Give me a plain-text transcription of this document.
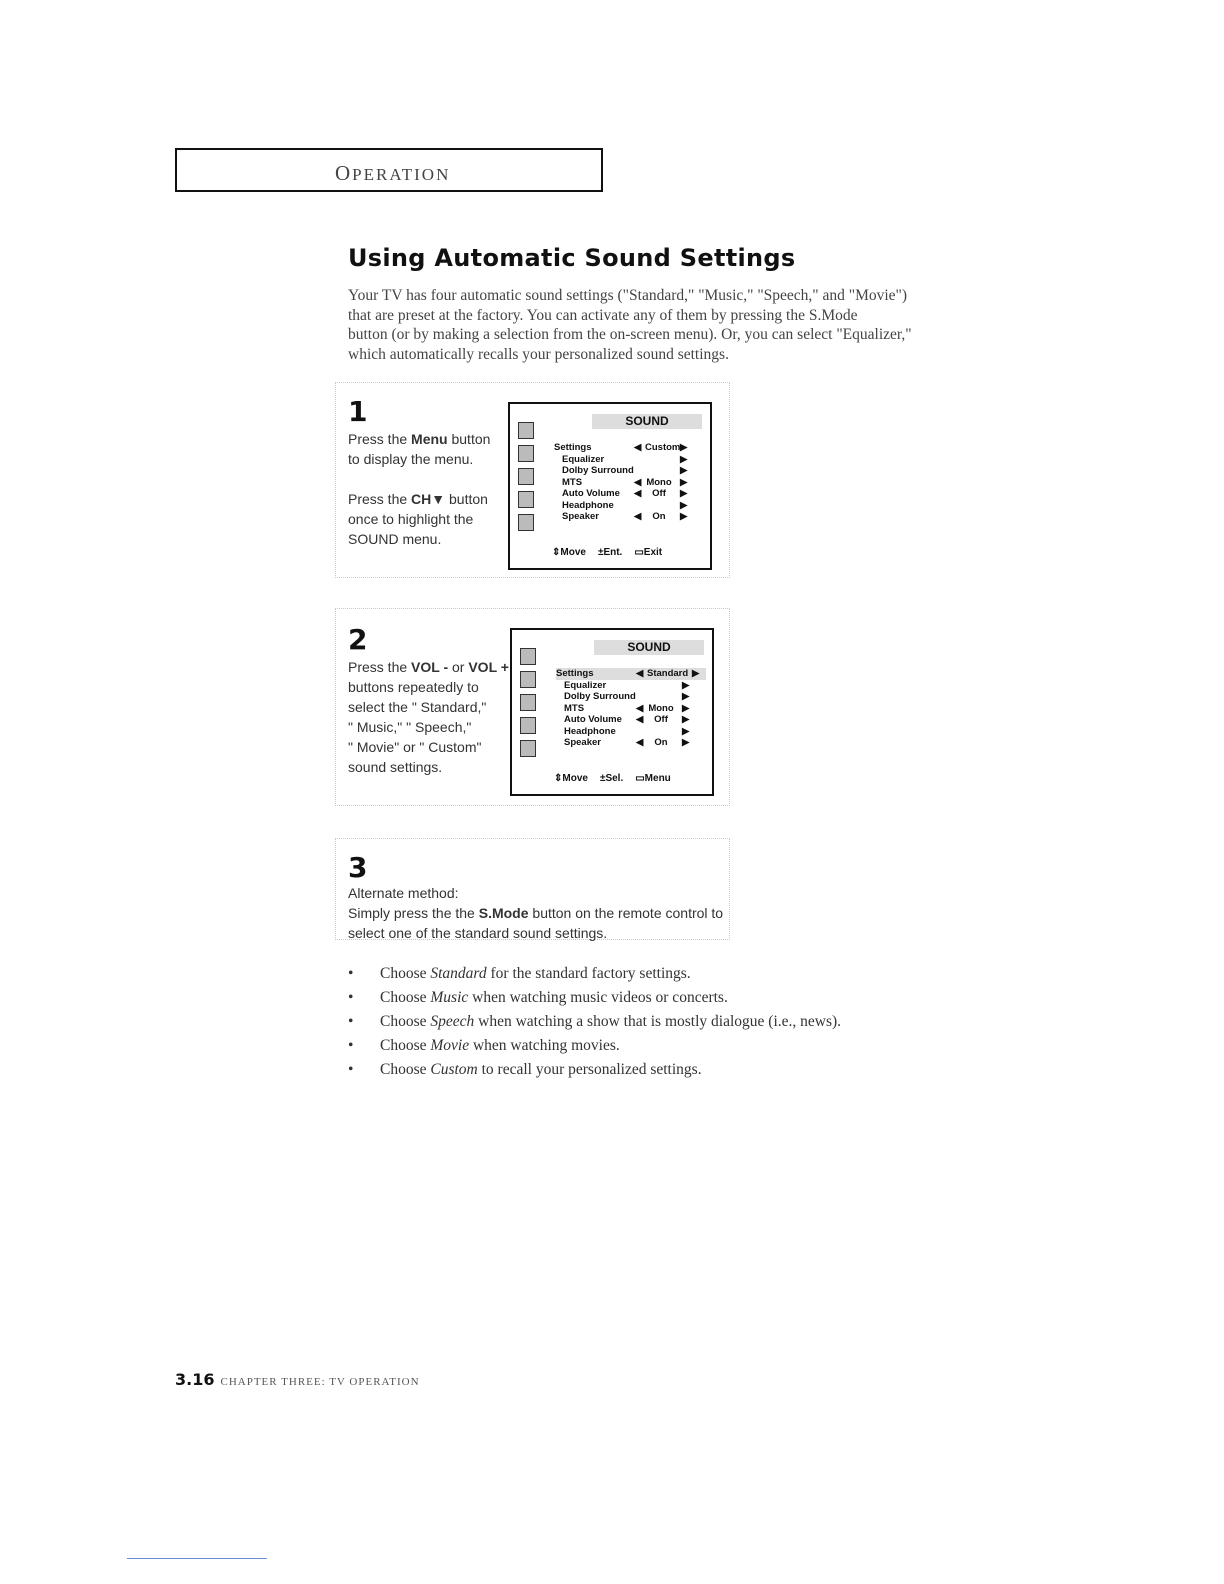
OPERATION
Using Automatic Sound Settings

Your TV has four automatic sound settings ("Standard," "Music," "Speech," and "Movie")

that are preset at the factory. You can activate any of them by pressing the S.Mode

button (or by making a selection from the on-screen menu). Or, you can select "Equalizer,"

which automatically recalls your personalized sound settings.

1

Press the Menu button

to display the menu.

Press the CH▼ button

once to highlight the

SOUND menu.

SOUND
Settings	◀ Custom ▶
Equalizer	▶
Dolby Surround	▶
MTS	◀ Mono ▶
Auto Volume ◀	Off	▶
Headphone	▶
Speaker	◀	On	▶
⇕Move ±Ent. ▭Exit
2

Press the VOL - or VOL +

buttons repeatedly to

select the " Standard,"

" Music," " Speech,"

" Movie" or " Custom"

sound settings.

SOUND
Settings	◀ Standard ▶
Equalizer	▶
Dolby Surround	▶
MTS	◀ Mono ▶
Auto Volume ◀	Off	▶
Headphone	▶
Speaker	◀	On	▶
⇕Move ±Sel. ▭Menu
3

Alternate method:

Simply press the the S.Mode button on the remote control to

select one of the standard sound settings.

• Choose Standard for the standard factory settings.
• Choose Music when watching music videos or concerts.
• Choose Speech when watching a show that is mostly dialogue (i.e., news).
• Choose Movie when watching movies.
• Choose Custom to recall your personalized settings.
3.16 CHAPTER THREE: TV OPERATION
